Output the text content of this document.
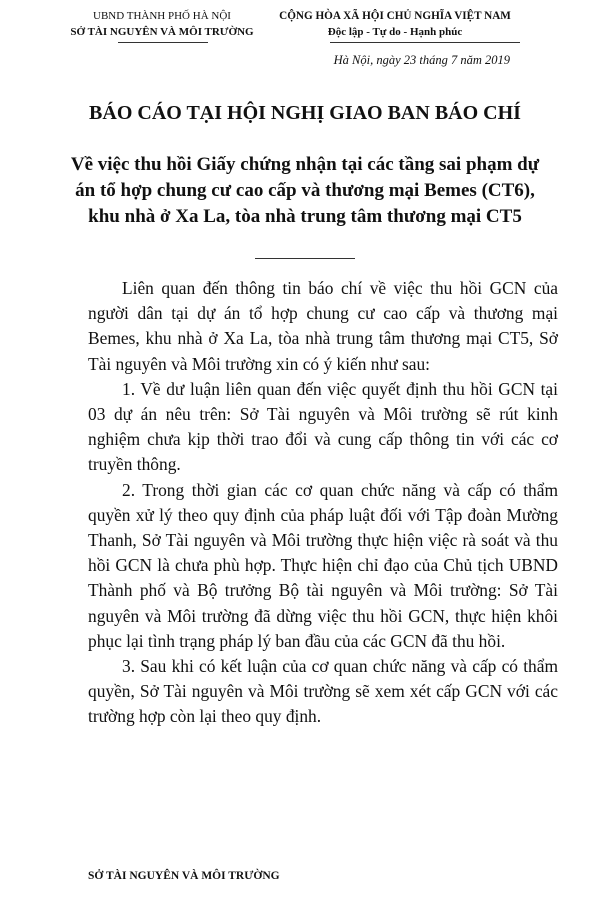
UBND THÀNH PHỐ HÀ NỘI
SỞ TÀI NGUYÊN VÀ MÔI TRƯỜNG
CỘNG HÒA XÃ HỘI CHỦ NGHĨA VIỆT NAM
Độc lập - Tự do - Hạnh phúc
Hà Nội, ngày 23 tháng 7 năm 2019
BÁO CÁO TẠI HỘI NGHỊ GIAO BAN BÁO CHÍ
Về việc thu hồi Giấy chứng nhận tại các tầng sai phạm dự án tổ hợp chung cư cao cấp và thương mại Bemes (CT6), khu nhà ở Xa La, tòa nhà trung tâm thương mại CT5

Liên quan đến thông tin báo chí về việc thu hồi GCN của người dân tại dự án tổ hợp chung cư cao cấp và thương mại Bemes, khu nhà ở Xa La, tòa nhà trung tâm thương mại CT5, Sở Tài nguyên và Môi trường xin có ý kiến như sau:

1. Về dư luận liên quan đến việc quyết định thu hồi GCN tại 03 dự án nêu trên: Sở Tài nguyên và Môi trường sẽ rút kinh nghiệm chưa kịp thời trao đổi và cung cấp thông tin với các cơ truyền thông.

2. Trong thời gian các cơ quan chức năng và cấp có thẩm quyền xử lý theo quy định của pháp luật đối với Tập đoàn Mường Thanh, Sở Tài nguyên và Môi trường thực hiện việc rà soát và thu hồi GCN là chưa phù hợp. Thực hiện chỉ đạo của Chủ tịch UBND Thành phố và Bộ trưởng Bộ tài nguyên và Môi trường: Sở Tài nguyên và Môi trường đã dừng việc thu hồi GCN, thực hiện khôi phục lại tình trạng pháp lý ban đầu của các GCN đã thu hồi.

3. Sau khi có kết luận của cơ quan chức năng và cấp có thẩm quyền, Sở Tài nguyên và Môi trường sẽ xem xét cấp GCN với các trường hợp còn lại theo quy định.

SỞ TÀI NGUYÊN VÀ MÔI TRƯỜNG
